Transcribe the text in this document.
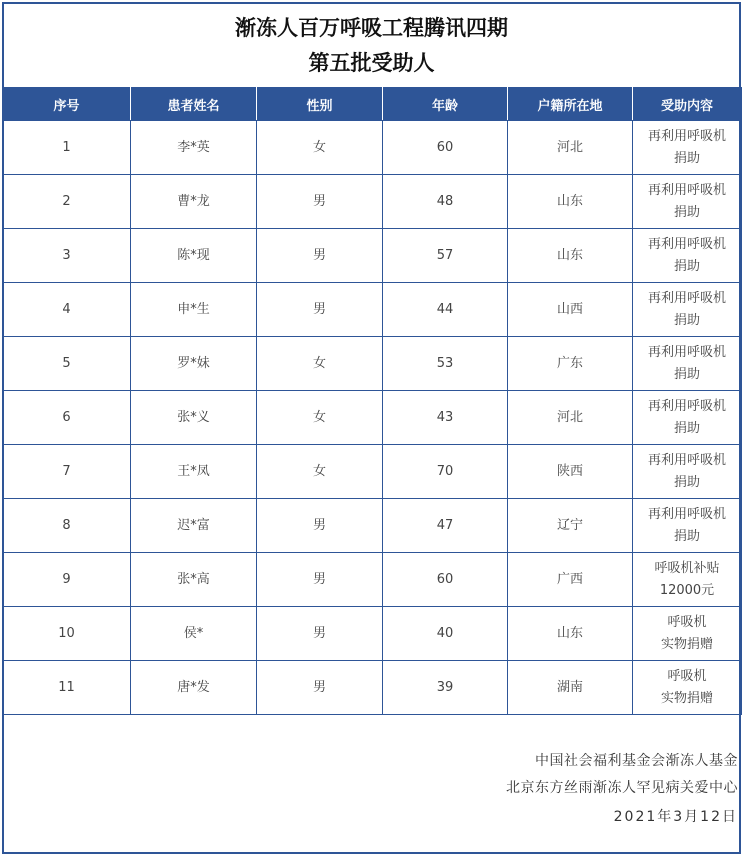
渐冻人百万呼吸工程腾讯四期
第五批受助人
序号	患者姓名	性别	年龄	户籍所在地	受助内容
1	李*英	女	60	河北	再利用呼吸机
捐助

2	曹*龙	男	48	山东	再利用呼吸机
捐助

3	陈*现	男	57	山东	再利用呼吸机
捐助

4	申*生	男	44	山西	再利用呼吸机
捐助

5	罗*妹	女	53	广东	再利用呼吸机
捐助

6	张*义	女	43	河北	再利用呼吸机
捐助

7	王*凤	女	70	陕西	再利用呼吸机
捐助

8	迟*富	男	47	辽宁	再利用呼吸机
捐助

9	张*高	男	60	广西	呼吸机补贴
12000元

10	侯*	男	40	山东	呼吸机
实物捐赠

11	唐*发	男	39	湖南	呼吸机
实物捐赠
中国社会福利基金会渐冻人基金
北京东方丝雨渐冻人罕见病关爱中心
2021年3月12日
